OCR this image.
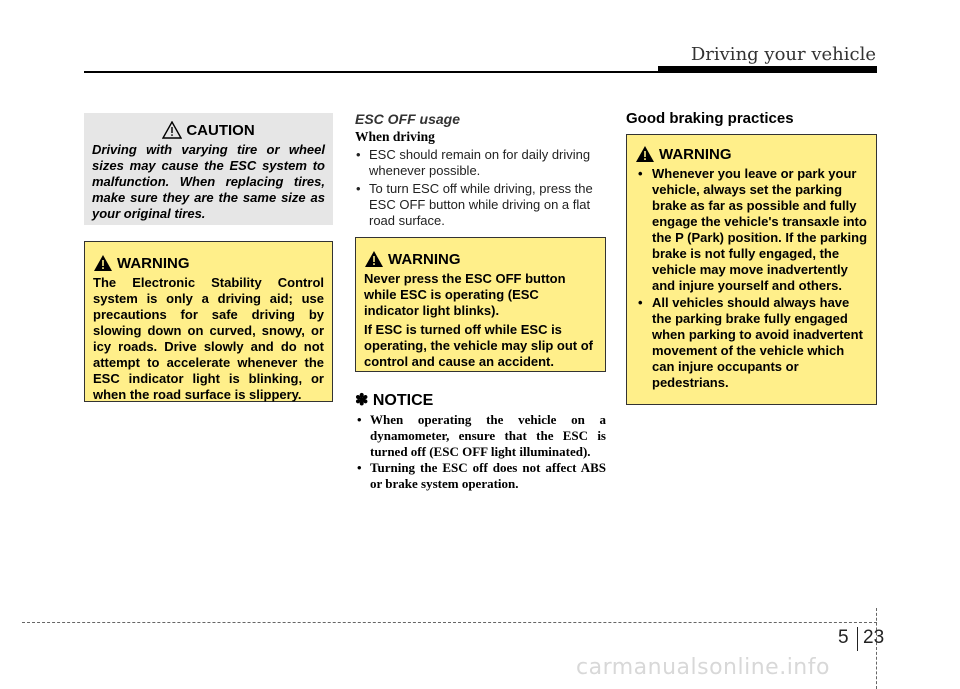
Driving your vehicle
CAUTION
Driving with varying tire or wheel sizes may cause the ESC system to malfunction. When replacing tires, make sure they are the same size as your original tires.
WARNING
The Electronic Stability Control system is only a driving aid; use precautions for safe driving by slowing down on curved, snowy, or icy roads. Drive slowly and do not attempt to accelerate whenever the ESC indicator light is blinking, or when the road surface is slippery.
ESC OFF usage
When driving
• ESC should remain on for daily driving whenever possible.
• To turn ESC off while driving, press the ESC OFF button while driving on a flat road surface.
WARNING
Never press the ESC OFF button while ESC is operating (ESC indicator light blinks).
If ESC is turned off while ESC is operating, the vehicle may slip out of control and cause an accident.
✽ NOTICE
• When operating the vehicle on a dynamometer, ensure that the ESC is turned off (ESC OFF light illuminated).
• Turning the ESC off does not affect ABS or brake system operation.
Good braking practices
WARNING
• Whenever you leave or park your vehicle, always set the parking brake as far as possible and fully engage the vehicle's transaxle into the P (Park) position. If the parking brake is not fully engaged, the vehicle may move inadvertently and injure yourself and others.
• All vehicles should always have the parking brake fully engaged when parking to avoid inadvertent movement of the vehicle which can injure occupants or pedestrians.
5 23
carmanualsonline.info
